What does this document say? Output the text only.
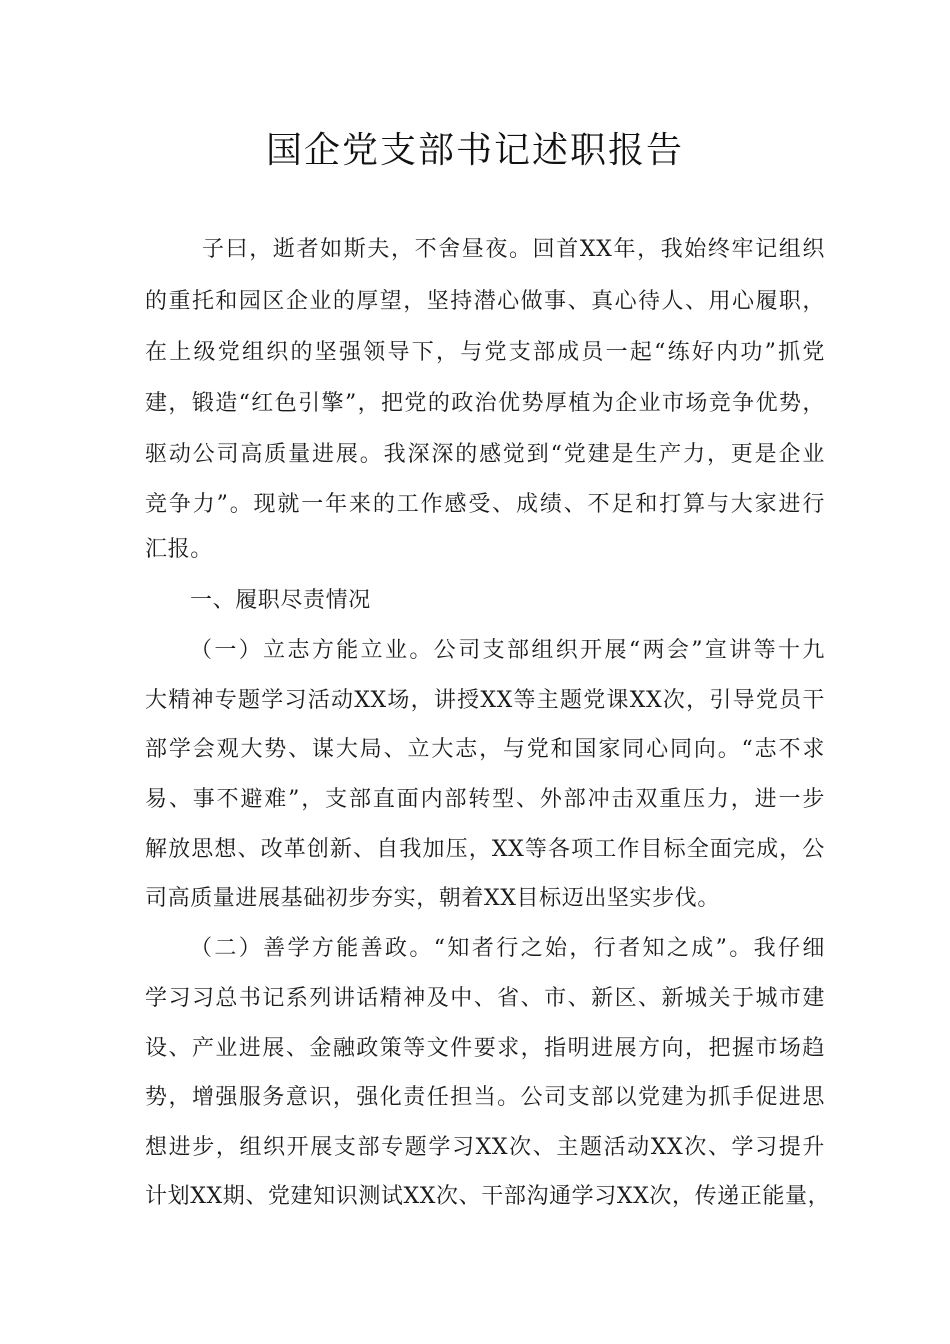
国企党支部书记述职报告
子曰，逝者如斯夫，不舍昼夜。回首XX年，我始终牢记组织
的重托和园区企业的厚望，坚持潜心做事、真心待人、用心履职，
在上级党组织的坚强领导下，与党支部成员一起“练好内功”抓党
建，锻造“红色引擎”，把党的政治优势厚植为企业市场竞争优势，
驱动公司高质量进展。我深深的感觉到“党建是生产力，更是企业
竞争力”。现就一年来的工作感受、成绩、不足和打算与大家进行
汇报。
一、履职尽责情况
（一）立志方能立业。公司支部组织开展“两会”宣讲等十九
大精神专题学习活动XX场，讲授XX等主题党课XX次，引导党员干
部学会观大势、谋大局、立大志，与党和国家同心同向。“志不求
易、事不避难”，支部直面内部转型、外部冲击双重压力，进一步
解放思想、改革创新、自我加压，XX等各项工作目标全面完成，公
司高质量进展基础初步夯实，朝着XX目标迈出坚实步伐。
（二）善学方能善政。“知者行之始，行者知之成”。我仔细
学习习总书记系列讲话精神及中、省、市、新区、新城关于城市建
设、产业进展、金融政策等文件要求，指明进展方向，把握市场趋
势，增强服务意识，强化责任担当。公司支部以党建为抓手促进思
想进步，组织开展支部专题学习XX次、主题活动XX次、学习提升
计划XX期、党建知识测试XX次、干部沟通学习XX次，传递正能量，
